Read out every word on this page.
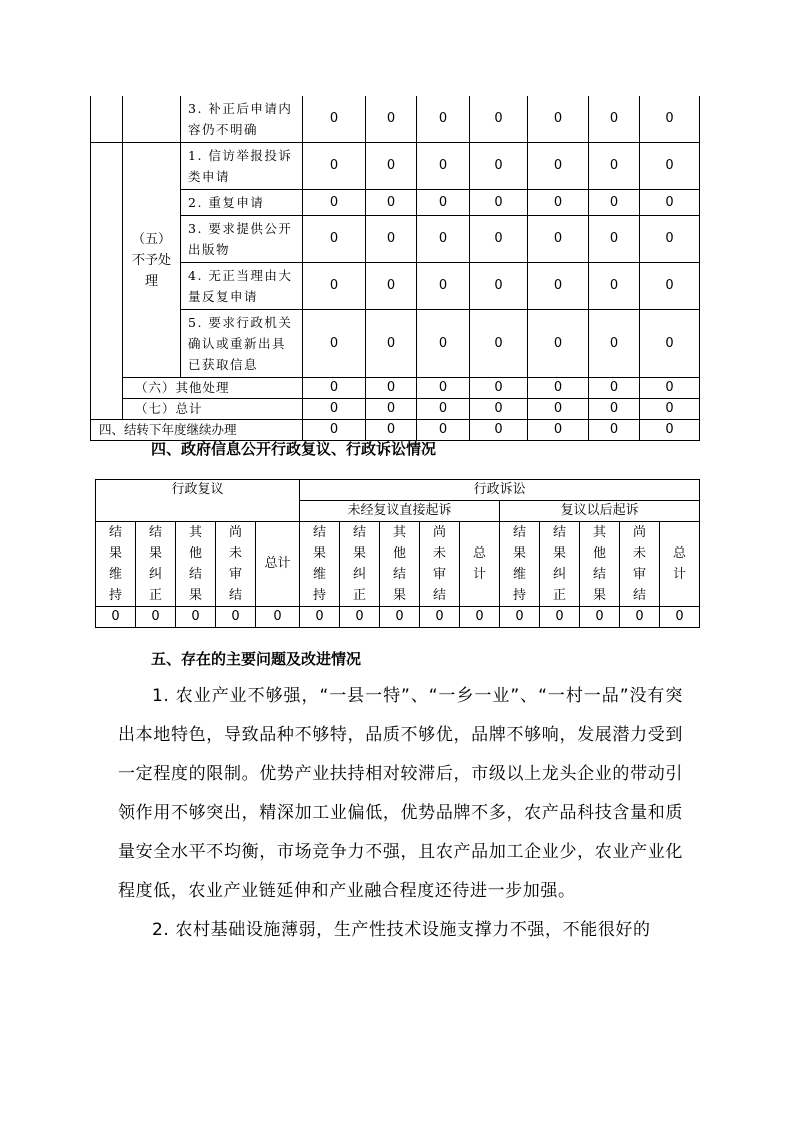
		3. 补正后申请内容仍不明确	0	0	0	0	0	0	0
	（五）不予处理	1. 信访举报投诉类申请	0	0	0	0	0	0	0
		2. 重复申请	0	0	0	0	0	0	0
		3. 要求提供公开出版物	0	0	0	0	0	0	0
		4. 无正当理由大量反复申请	0	0	0	0	0	0	0
		5. 要求行政机关确认或重新出具已获取信息	0	0	0	0	0	0	0
	（六）其他处理		0	0	0	0	0	0	0
	（七）总计		0	0	0	0	0	0	0
四、结转下年度继续办理			0	0	0	0	0	0	0
四、政府信息公开行政复议、行政诉讼情况
行政复议					行政诉讼									
					未经复议直接起诉					复议以后起诉				
结果维持	结果纠正	其他结果	尚未审结	总计	结果维持	结果纠正	其他结果	尚未审结	总计	结果维持	结果纠正	其他结果	尚未审结	总计
0	0	0	0	0	0	0	0	0	0	0	0	0	0	0
五、存在的主要问题及改进情况

1. 农业产业不够强，“一县一特”、“一乡一业”、“一村一品”没有突出本地特色，导致品种不够特，品质不够优，品牌不够响，发展潜力受到一定程度的限制。优势产业扶持相对较滞后，市级以上龙头企业的带动引领作用不够突出，精深加工业偏低，优势品牌不多，农产品科技含量和质量安全水平不均衡，市场竞争力不强，且农产品加工企业少，农业产业化程度低，农业产业链延伸和产业融合程度还待进一步加强。

2. 农村基础设施薄弱，生产性技术设施支撑力不强，不能很好的
